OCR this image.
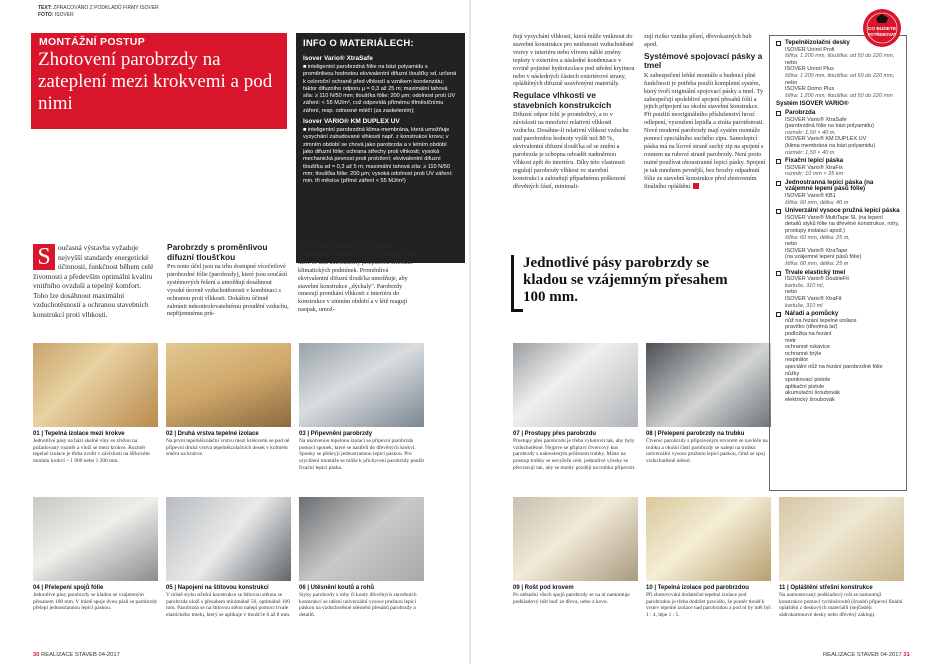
TEXT: ZPRACOVÁNO Z PODKLADŮ FIRMY ISOVER
FOTO: ISOVER
MONTÁŽNÍ POSTUP
Zhotovení parobrzdy na zateplení mezi krokvemi a pod nimi
INFO O MATERIÁLECH:
Isover Vario® XtraSafe

■ inteligentní parobrzdná fólie na bázi polyamidu s proměnlivou hodnotou ekvivalentní difuzní tloušťky sd, určená k celoroční ochraně před vlhkostí a vznikem kondenzátu; faktor difuzního odporu μ = 0,3 až 25 m; maximální tahová síla: ≥ 110 N/50 mm; tloušťka fólie: 200 μm; odolnost proti UV záření: < 55 MJ/m², což odpovídá přímému třiměsíčnímu záření, resp. odnosné mléčí (za zaskelením);

Isover VARIO® KM DUPLEX UV

■ inteligentní parobrzdná klima-membrána, která umožňuje vysychání zabudované vlhkosti např. z konstrukce krovu; v zimním období se chová jako parobrzda a v letním období jako difuzní fólie; ochrana střechy proti vlhkosti; vysoká mechanická pevnost proti protržení; ekvivalentní difuzní tloušťka sd = 0,3 až 5 m; maximální tahová síla: ≥ 110 N/50 mm; tloušťka fólie: 200 μm; vysoká odolnost proti UV záření: min. tři měsíce (přímé záření < 55 MJ/m²)

S oučasná výstavba vyžaduje nejvyšší standardy energetické účinnosti, funkčnost během celé životnosti a především optimální kvalitu vnitřního ovzduší a tepelný komfort. Toho lze dosáhnout maximální vzduchotěsností a ochranou stavebních konstrukcí proti vlhkosti.
Parobrzdy s proměnlivou difuzní tloušťkou

Pro tento účel jsou na trhu dostupné vícečetlové parobrzdné fólie (parobrzdy), které jsou součástí systémových řešení a umožňují dosáhnout vysoké úrovně vzduchotěsnosti v kombinaci s ochranou proti vlhkosti. Dokážou účinně zabránit nekontrolovatelnému proudění vzduchu, nepřijemnému prů-

vanu, drahým ztrátám tepla a škodám způsobeným plísněmi. Jde o speciální parobrzdy, které se umí automaticky přizpůsobit změnám klimatických podmínek. Proměnlivá ekvivalentní difuzní tloušťka umožňuje, aby stavební konstrukce „dýchaly". Parobrzdy omezují pronikání vlhkosti z interiéru do konstrukce v zimním období a v létě reagují naopak, umož-

ňují vysychání vlhkosti, která může vniknout do stavební konstrukce pro netěsnosti vzduchotěsné vrstvy v interiéru nebo vlivem náhlé změny teploty v exteriéru a následné kondenzace v rovině pojistné hydroizolace pod střešní krytinou nebo v následných částech exteriérové strany, opláštěných difuzně uzavřenými materiály.

Regulace vlhkosti ve stavebních konstrukcích

Difuzní odpor fólií je proměnlivý, a to v závislosti na množství relativní vlhkosti vzduchu. Dosáhne-li relativní vlhkost vzduchu nad parobrzdou hodnoty vyšší než 80 %, ekvivalentní difuzní tloušťka sd se změní a parobrzda je schopna odvádět nadměrnou vlhkost zpět do interiéru. Díky této vlastnosti regulují parobrzdy vlhkost ve stavební konstrukci a zabraňují případnému poškození dřevěných částí, minimali-

zují riziko vzniku plísní, dřevokazných hub apod.

Systémové spojovací pásky a tmel

K zabezpečení lehké montáže a budoucí plné funkčnosti je potřeba použít kompletní systém, který tvoří originální spojovací pásky a tmel. Ty zabezpečují spolehlivé spojení přesahů fólií a jejich připojení na okolní stavební konstrukce. Při použití neoriginálního příslušenství hrozí odlepení, vysoušení lepidla a ztráta parotěsnosti. Nové moderní parobrzdy mají systém montáže pomocí speciálního suchého zipu. Samolepicí páska má na lícové straně suchý zip na spojení s rounem na rubové straně parobrzdy. Není proto nutné používat oboustranné lepicí pásky. Spojení je tak mnohem pevnější, bez hrozby odpadnutí fólie ze stavební konstrukce před zhotovením finálního opláštění.

Jednotlivé pásy parobrzdy se kladou se vzájemným přesahem 100 mm.
01 | Tepelná izolace mezi krokve
Jednotlivé pásy na bázi skelné vlny se zřežou na požadovaný rozměr a vloží se mezi krokve. Rozměr tepelné izolace je třeba zvolit v závislosti na šiřkovém modulu krokví – 1 000 nebo 1 200 mm.
02 | Druhá vrstva tepelné izolace
Na první tepelněizolační vrstvu mezi krokvemi se pod ně připevní druhá vrstva tepelněizolačních desek v kolmém směru na krokve.
03 | Připevnění parobrzdy
Na ukotvenou tepelnou izolaci se připevní parobrzda pomocí sponek, které se nastřelí do dřevěných krokví. Sponky se překryjí jednostrannou lepicí páskou. Pro urychlení montáže se může k přichycení parobrzdy použít fixační lepicí páska.
04 | Přelepení spojů fólie
Jednotlivé pásy parobrzdy se kladou se vzájemným přesahem 100 mm. V místě spoje dvou pásů se parobrzdy přelepí jednostrannou lepicí páskou.
05 | Napojení na štítovou konstrukci
V místě styku střešní konstrukce se štítovou stěnou se parobrzda uloží s přesahem minimálně 50, optimálně 100 mm. Parobrzda se na štítovou stěnu nalepí pomocí trvale elastického tmelu, který se aplikuje v tloušťce 6 až 8 mm.
06 | Utěsnění koutů a rohů
Styky parobrzdy s rohy či kouty dřevěných stavebních konstrukcí se utěsní univerzální vysoce pružnou lepicí páskou na vzduchotěsné utěsnění přesahů parobrzdy a detailů.
07 | Prostupy přes parobrzdu
Prostupy přes parobrzdu je třeba vyhotovit tak, aby byly vzduchotěsné. Nejprve se připraví čtvercový kus parobrzdy s nakresleným průřezem trubky. Místo na prostup trubky se nevyřeže celé, jednotlivé výseky se převracují tak, aby se mohly později na trubku připevnit.
08 | Přelepení parobrzdy na trubku
Čtverec parobrzdy s připraveným otvorem se navléče na trubku a okolní části parobrzdy se nalepí na trubku univerzální vysoce pružnou lepicí páskou, čímž se spoj vzduchotěsně utěsní.
09 | Rošt pod krovem
Po utěsnění všech spojů parobrzdy se na ni namontuje podkladový rošt buď ze dřeva, nebo z kovu.
10 | Tepelná izolace pod parobrzdou
Při zhotovování dodatečné tepelné izolace pod parobrzdou je třeba dodržet pravidlo, že poměr tloušťk vrstev tepelné izolace nad parobrzdou a pod ní by měl být 1 : 4, lépe 1 : 5.
11 | Opláštění střešní konstrukce
Na namontovaný podkladový rošt se namontují konstrukce pomocí rychlošroubů (šroubů připevní finální opláštění z deskových materiálů (nejčastěji sádrokartonové desky nebo dřevěný záklop).
Tepelněizolační desky
ISOVER Unirol Profi
šířka: 1 200 mm, tloušťka: od 50 do 220 mm,
nebo
ISOVER Unirol Plus
šířka: 1 200 mm, tloušťka: od 50 do 220 mm,
nebo
ISOVER Domo Plus
šířka: 1 200 mm, tloušťka: od 50 do 220 mm
Systém ISOVER VARIO®
Parobrzda
ISOVER Vario® XtraSafe
(parobrzdná fólie na bázi polyamidu)
rozměr: 1,50 × 40 m,
ISOVER Vario® KM DUPLEX UV
(klima membrána na bázi polyamidu)
rozměr: 1,50 × 40 m
Fixační lepicí páska
ISOVER Vario® XtraFix
rozměr: 10 mm × 25 km
Jednostranná lepicí páska (na vzájemné lepení pásů fólie)
ISOVER Vario® KB1
šířka: 60 mm, délka: 40 m
Univerzální vysoce pružná lepicí páska
ISOVER Vario® MultiTape SL (na lepení detailů styků fólie na dřevěné konstrukce, rohy, prostupy instalací apod.)
šířka: 60 mm, délka: 25 m,
nebo
ISOVER Vario® XtraTape
(na vzájemné lepení pásů fólie)
šířka: 60 mm, délka: 25 m
Trvale elastický tmel
ISOVER Vario® DoubleFit
kartuše, 310 ml,
nebo
ISOVER Vario® XtraFit
kartuše, 310 ml
Nářadí a pomůcky
nůž na řezání tepelné izolace
pravítko (dřevěná lať)
podložka na řezání
metr
ochranné rukavice
ochranné brýle
respirátor
speciální nůž na řezání parobrzdné fólie
nůžky
sponkovací pistole
aplikační pistole
akumulační šroubovák
elektrický šroubovák
CO BUDETE
POTŘEBOVAT
30 REALIZACE STAVEB 04-2017	REALIZACE STAVEB 04-2017 31
